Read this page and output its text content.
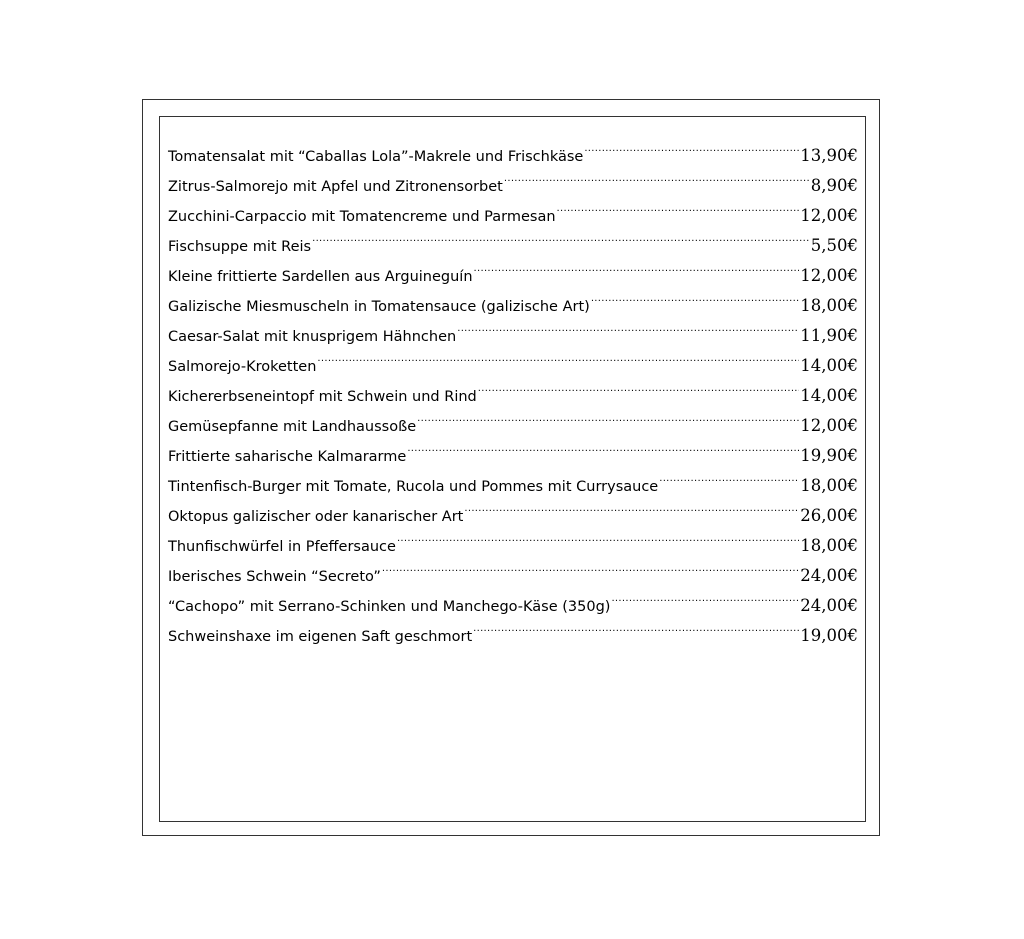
Tomatensalat mit “Caballas Lola”-Makrele und Frischkäse .....	13,90€
Zitrus-Salmorejo mit Apfel und Zitronensorbet .....	8,90€
Zucchini-Carpaccio mit Tomatencreme und Parmesan .....	12,00€
Fischsuppe mit Reis .....	5,50€
Kleine frittierte Sardellen aus Arguineguín .....	12,00€
Galizische Miesmuscheln in Tomatensauce (galizische Art) .....	18,00€
Caesar-Salat mit knusprigem Hähnchen .....	11,90€
Salmorejo-Kroketten .....	14,00€
Kichererbseneintopf mit Schwein und Rind .....	14,00€
Gemüsepfanne mit Landhaussoße .....	12,00€
Frittierte saharische Kalmararme .....	19,90€
Tintenfisch-Burger mit Tomate, Rucola und Pommes mit Currysauce .....	18,00€
Oktopus galizischer oder kanarischer Art .....	26,00€
Thunfischwürfel in Pfeffersauce .....	18,00€
Iberisches Schwein “Secreto” .....	24,00€
“Cachopo” mit Serrano-Schinken und Manchego-Käse (350g) .....	24,00€
Schweinshaxe im eigenen Saft geschmort .....	19,00€
